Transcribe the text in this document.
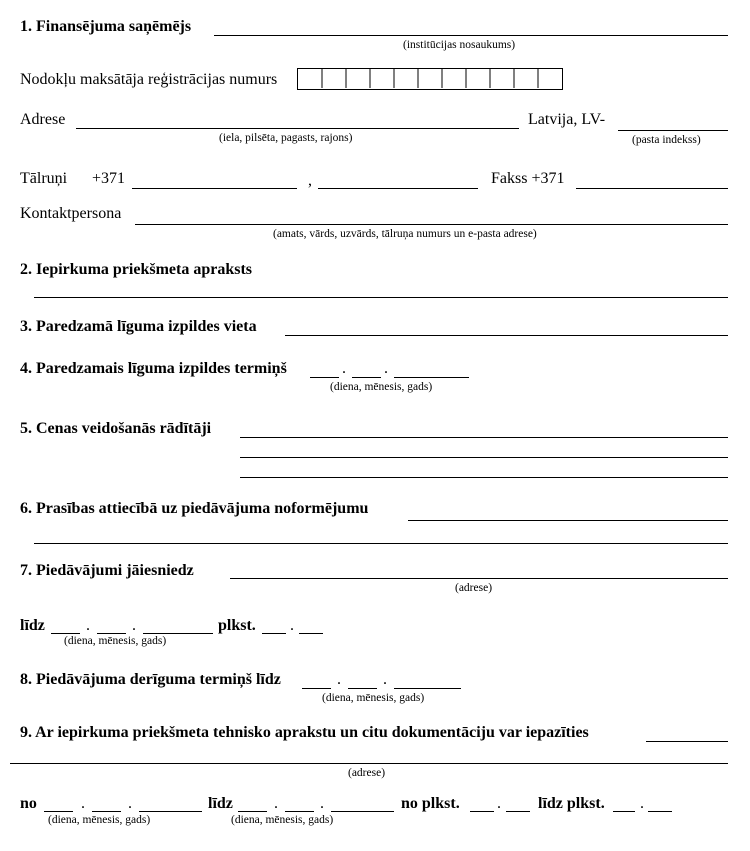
1. Finansējuma saņēmējs
(institūcijas nosaukums)
Nodokļu maksātāja reģistrācijas numurs
Adrese
(iela, pilsēta, pagasts, rajons)
Latvija, LV-
(pasta indekss)
Tālruņi +371	,	Fakss +371
Kontaktpersona
(amats, vārds, uzvārds, tālruņa numurs un e-pasta adrese)
2. Iepirkuma priekšmeta apraksts
3. Paredzamā līguma izpildes vieta
4. Paredzamais līguma izpildes termiņš	. .
(diena, mēnesis, gads)
5. Cenas veidošanās rādītāji
6. Prasības attiecībā uz piedāvājuma noformējumu
7. Piedāvājumi jāiesniedz
(adrese)
līdz	.	.
(diena, mēnesis, gads)
plkst. .
8. Piedāvājuma derīguma termiņš līdz	.	.
(diena, mēnesis, gads)
9. Ar iepirkuma priekšmeta tehnisko aprakstu un citu dokumentāciju var iepazīties
(adrese)
no	.	.
(diena, mēnesis, gads)
līdz	.	.
(diena, mēnesis, gads)
no plkst. . līdz plkst. .
